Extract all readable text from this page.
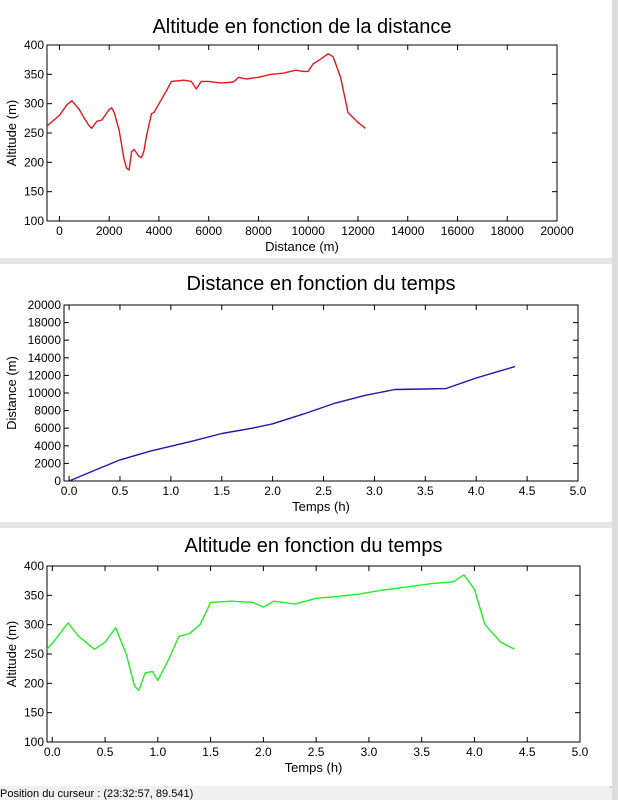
Altitude en fonction de la distance
0	2000 4000 6000 8000 10000 12000 14000 16000 18000 20000
100
150
200
250
300
350
400
Distance (m)
Altitude (m)
Distance en fonction du temps
0.0	0.5	1.0	1.5	2.0	2.5	3.0	3.5	4.0	4.5	5.0
0
2000
4000
6000
8000
10000
12000
14000
16000
18000
20000
Temps (h)
Distance (m)
Altitude en fonction du temps
0.0	0.5	1.0	1.5	2.0	2.5	3.0	3.5	4.0	4.5	5.0
100
150
200
250
300
350
400
Temps (h)
Altitude (m)
Position du curseur : (23:32:57, 89.541)
